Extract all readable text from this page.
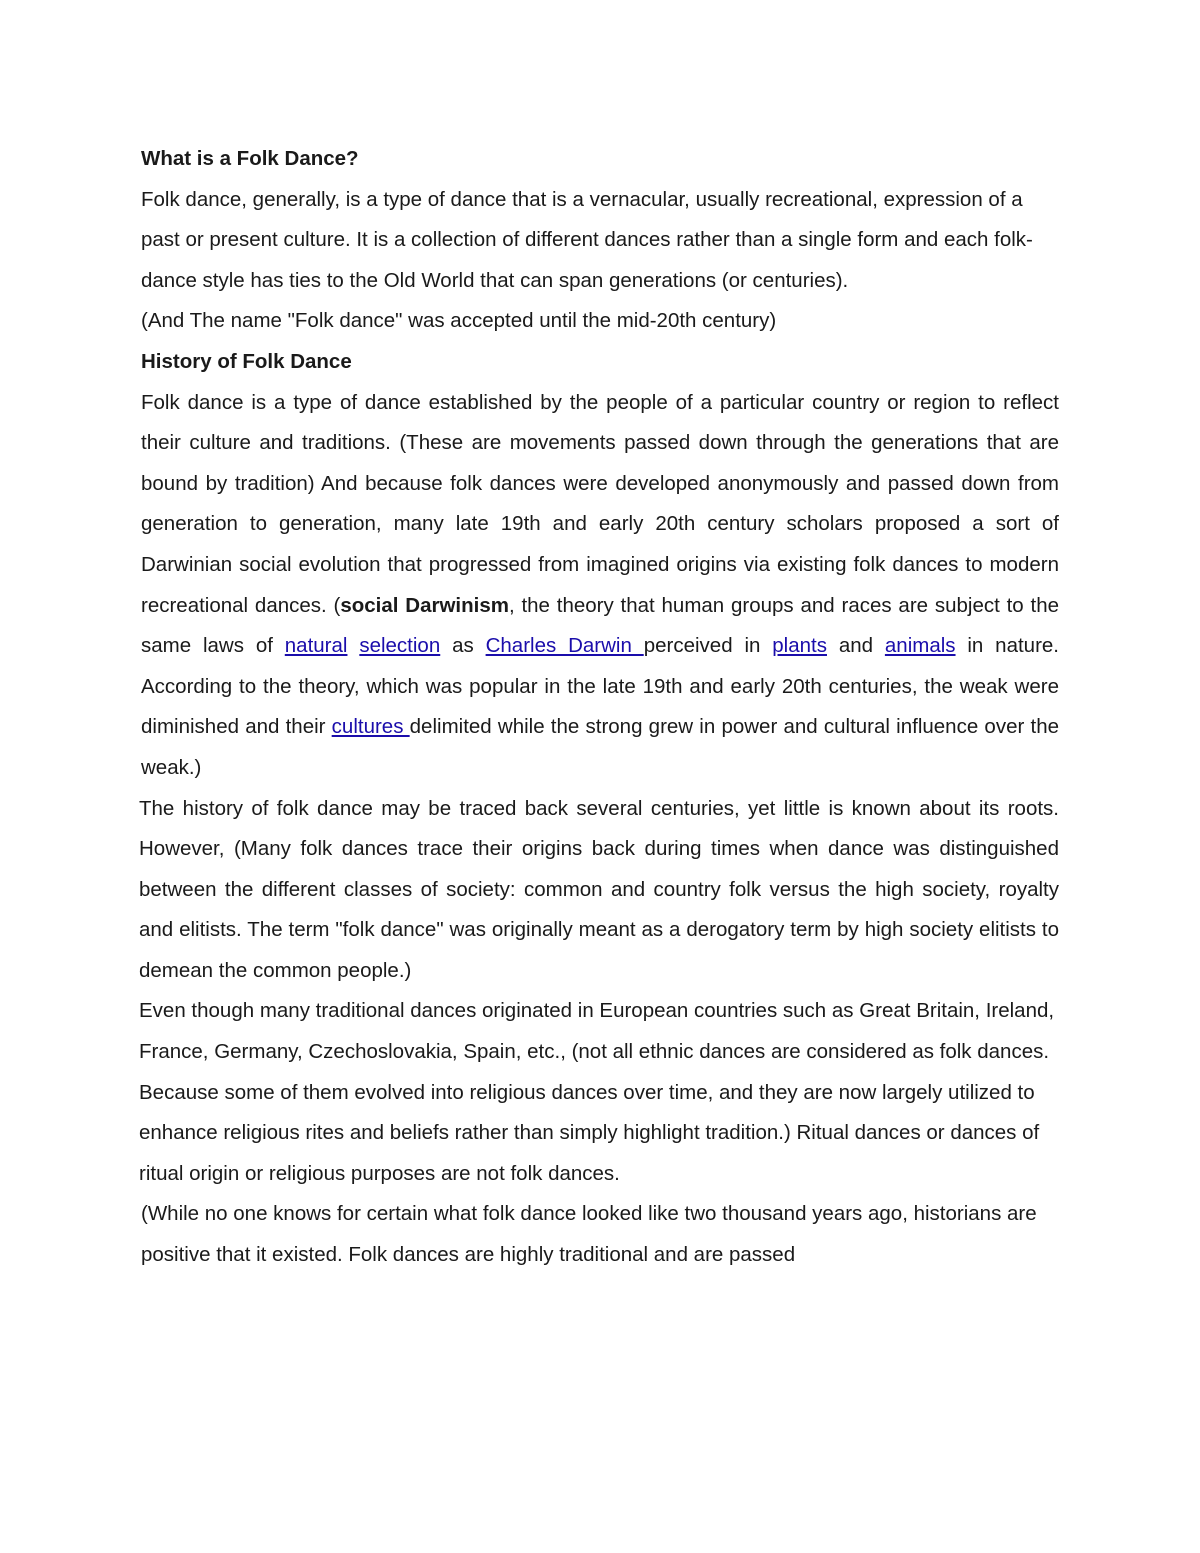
What is a Folk Dance?

Folk dance, generally, is a type of dance that is a vernacular, usually recreational, expression of a past or present culture. It is a collection of different dances rather than a single form and each folk-dance style has ties to the Old World that can span generations (or centuries).

(And The name "Folk dance" was accepted until the mid-20th century)

History of Folk Dance

Folk dance is a type of dance established by the people of a particular country or region to reflect their culture and traditions. (These are movements passed down through the generations that are bound by tradition) And because folk dances were developed anonymously and passed down from generation to generation, many late 19th and early 20th century scholars proposed a sort of Darwinian social evolution that progressed from imagined origins via existing folk dances to modern recreational dances. (social Darwinism, the theory that human groups and races are subject to the same laws of natural selection as Charles Darwin perceived in plants and animals in nature. According to the theory, which was popular in the late 19th and early 20th centuries, the weak were diminished and their cultures delimited while the strong grew in power and cultural influence over the weak.)

The history of folk dance may be traced back several centuries, yet little is known about its roots. However, (Many folk dances trace their origins back during times when dance was distinguished between the different classes of society: common and country folk versus the high society, royalty and elitists. The term "folk dance" was originally meant as a derogatory term by high society elitists to demean the common people.)

Even though many traditional dances originated in European countries such as Great Britain, Ireland, France, Germany, Czechoslovakia, Spain, etc., (not all ethnic dances are considered as folk dances. Because some of them evolved into religious dances over time, and they are now largely utilized to enhance religious rites and beliefs rather than simply highlight tradition.) Ritual dances or dances of ritual origin or religious purposes are not folk dances.

(While no one knows for certain what folk dance looked like two thousand years ago, historians are positive that it existed. Folk dances are highly traditional and are passed
